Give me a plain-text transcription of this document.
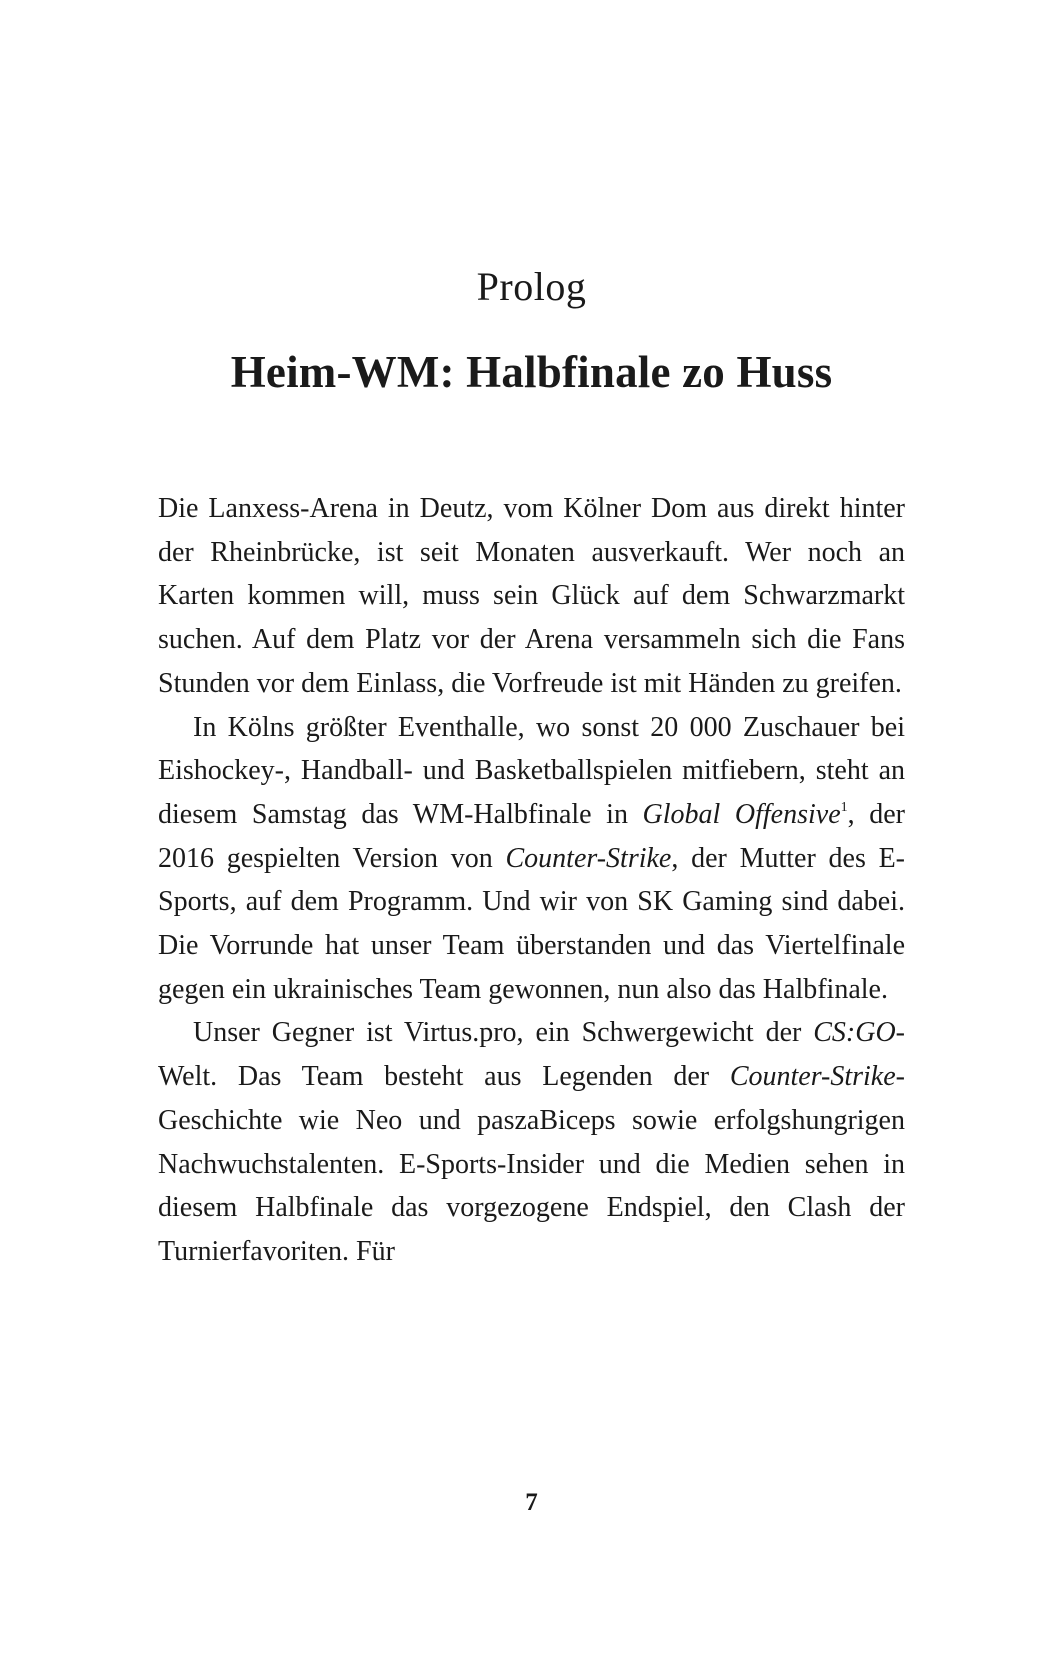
Prolog
Heim-WM: Halbfinale zo Huss

Die Lanxess-Arena in Deutz, vom Kölner Dom aus direkt hinter der Rheinbrücke, ist seit Monaten ausverkauft. Wer noch an Karten kommen will, muss sein Glück auf dem Schwarzmarkt suchen. Auf dem Platz vor der Arena versammeln sich die Fans Stunden vor dem Einlass, die Vorfreude ist mit Händen zu greifen.

In Kölns größter Eventhalle, wo sonst 20 000 Zuschauer bei Eishockey-, Handball- und Basketballspielen mitfiebern, steht an diesem Samstag das WM-Halbfinale in Global Offensive$^1$, der 2016 gespielten Version von Counter-Strike, der Mutter des E-Sports, auf dem Programm. Und wir von SK Gaming sind dabei. Die Vorrunde hat unser Team überstanden und das Viertelfinale gegen ein ukrainisches Team gewonnen, nun also das Halbfinale.

Unser Gegner ist Virtus.pro, ein Schwergewicht der CS:GO-Welt. Das Team besteht aus Legenden der Counter-Strike-Geschichte wie Neo und paszaBiceps sowie erfolgshungrigen Nachwuchstalenten. E-Sports-Insider und die Medien sehen in diesem Halbfinale das vorgezogene Endspiel, den Clash der Turnierfavoriten. Für

7
